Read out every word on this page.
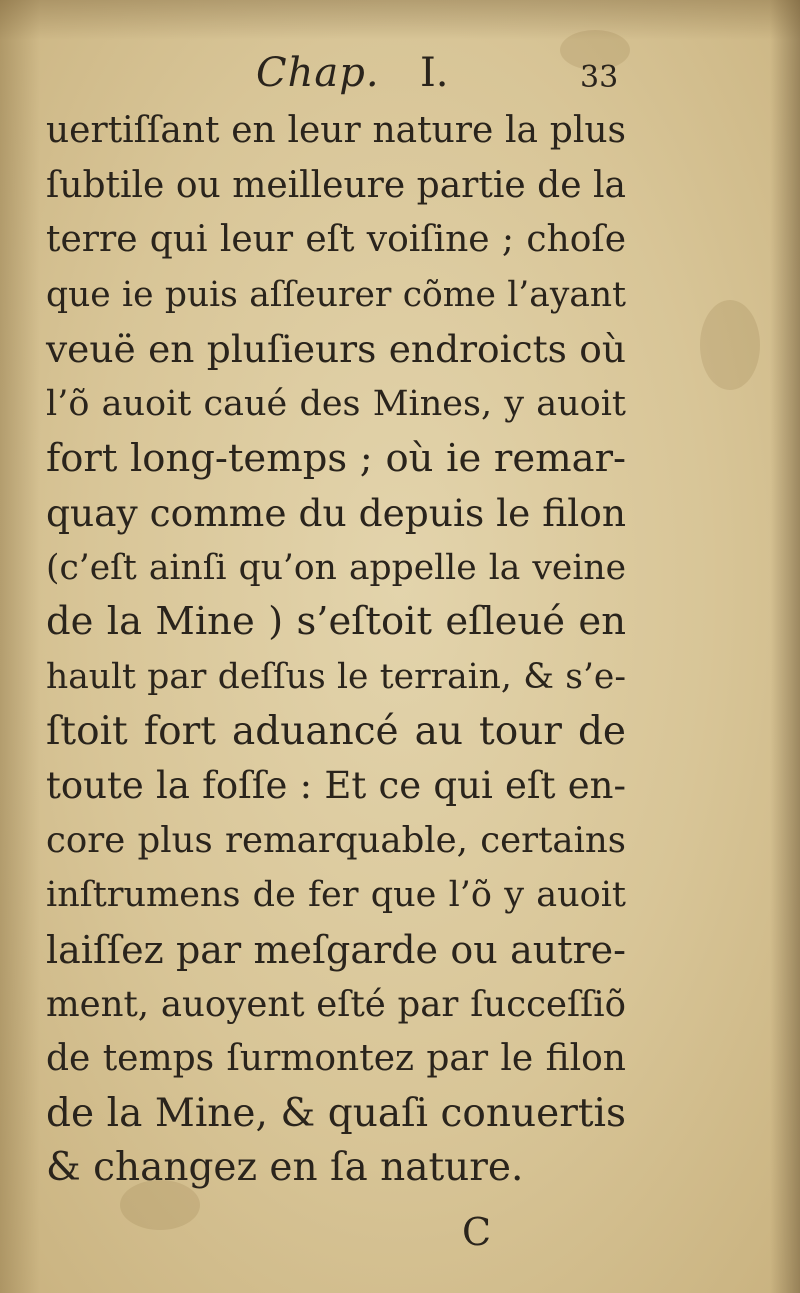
Chap. I.	33
uertiſſant en leur nature la plus
ſubtile ou meilleure partie de la
terre qui leur eſt voiſine ; choſe
que ie puis aſſeurer cõme l’ayant
veuë en pluſieurs endroicts où
l’õ auoit caué des Mines, y auoit
fort long-temps ; où ie remar-
quay comme du depuis le filon
(c’eſt ainſi qu’on appelle la veine
de la Mine ) s’eſtoit eſleué en
hault par deſſus le terrain, & s’e-
ſtoit fort aduancé au tour de
toute la foſſe : Et ce qui eſt en-
core plus remarquable, certains
inſtrumens de fer que l’õ y auoit
laiſſez par meſgarde ou autre-
ment, auoyent eſté par ſucceſſiõ
de temps ſurmontez par le filon
de la Mine, & quaſi conuertis
& changez en ſa nature.
C
